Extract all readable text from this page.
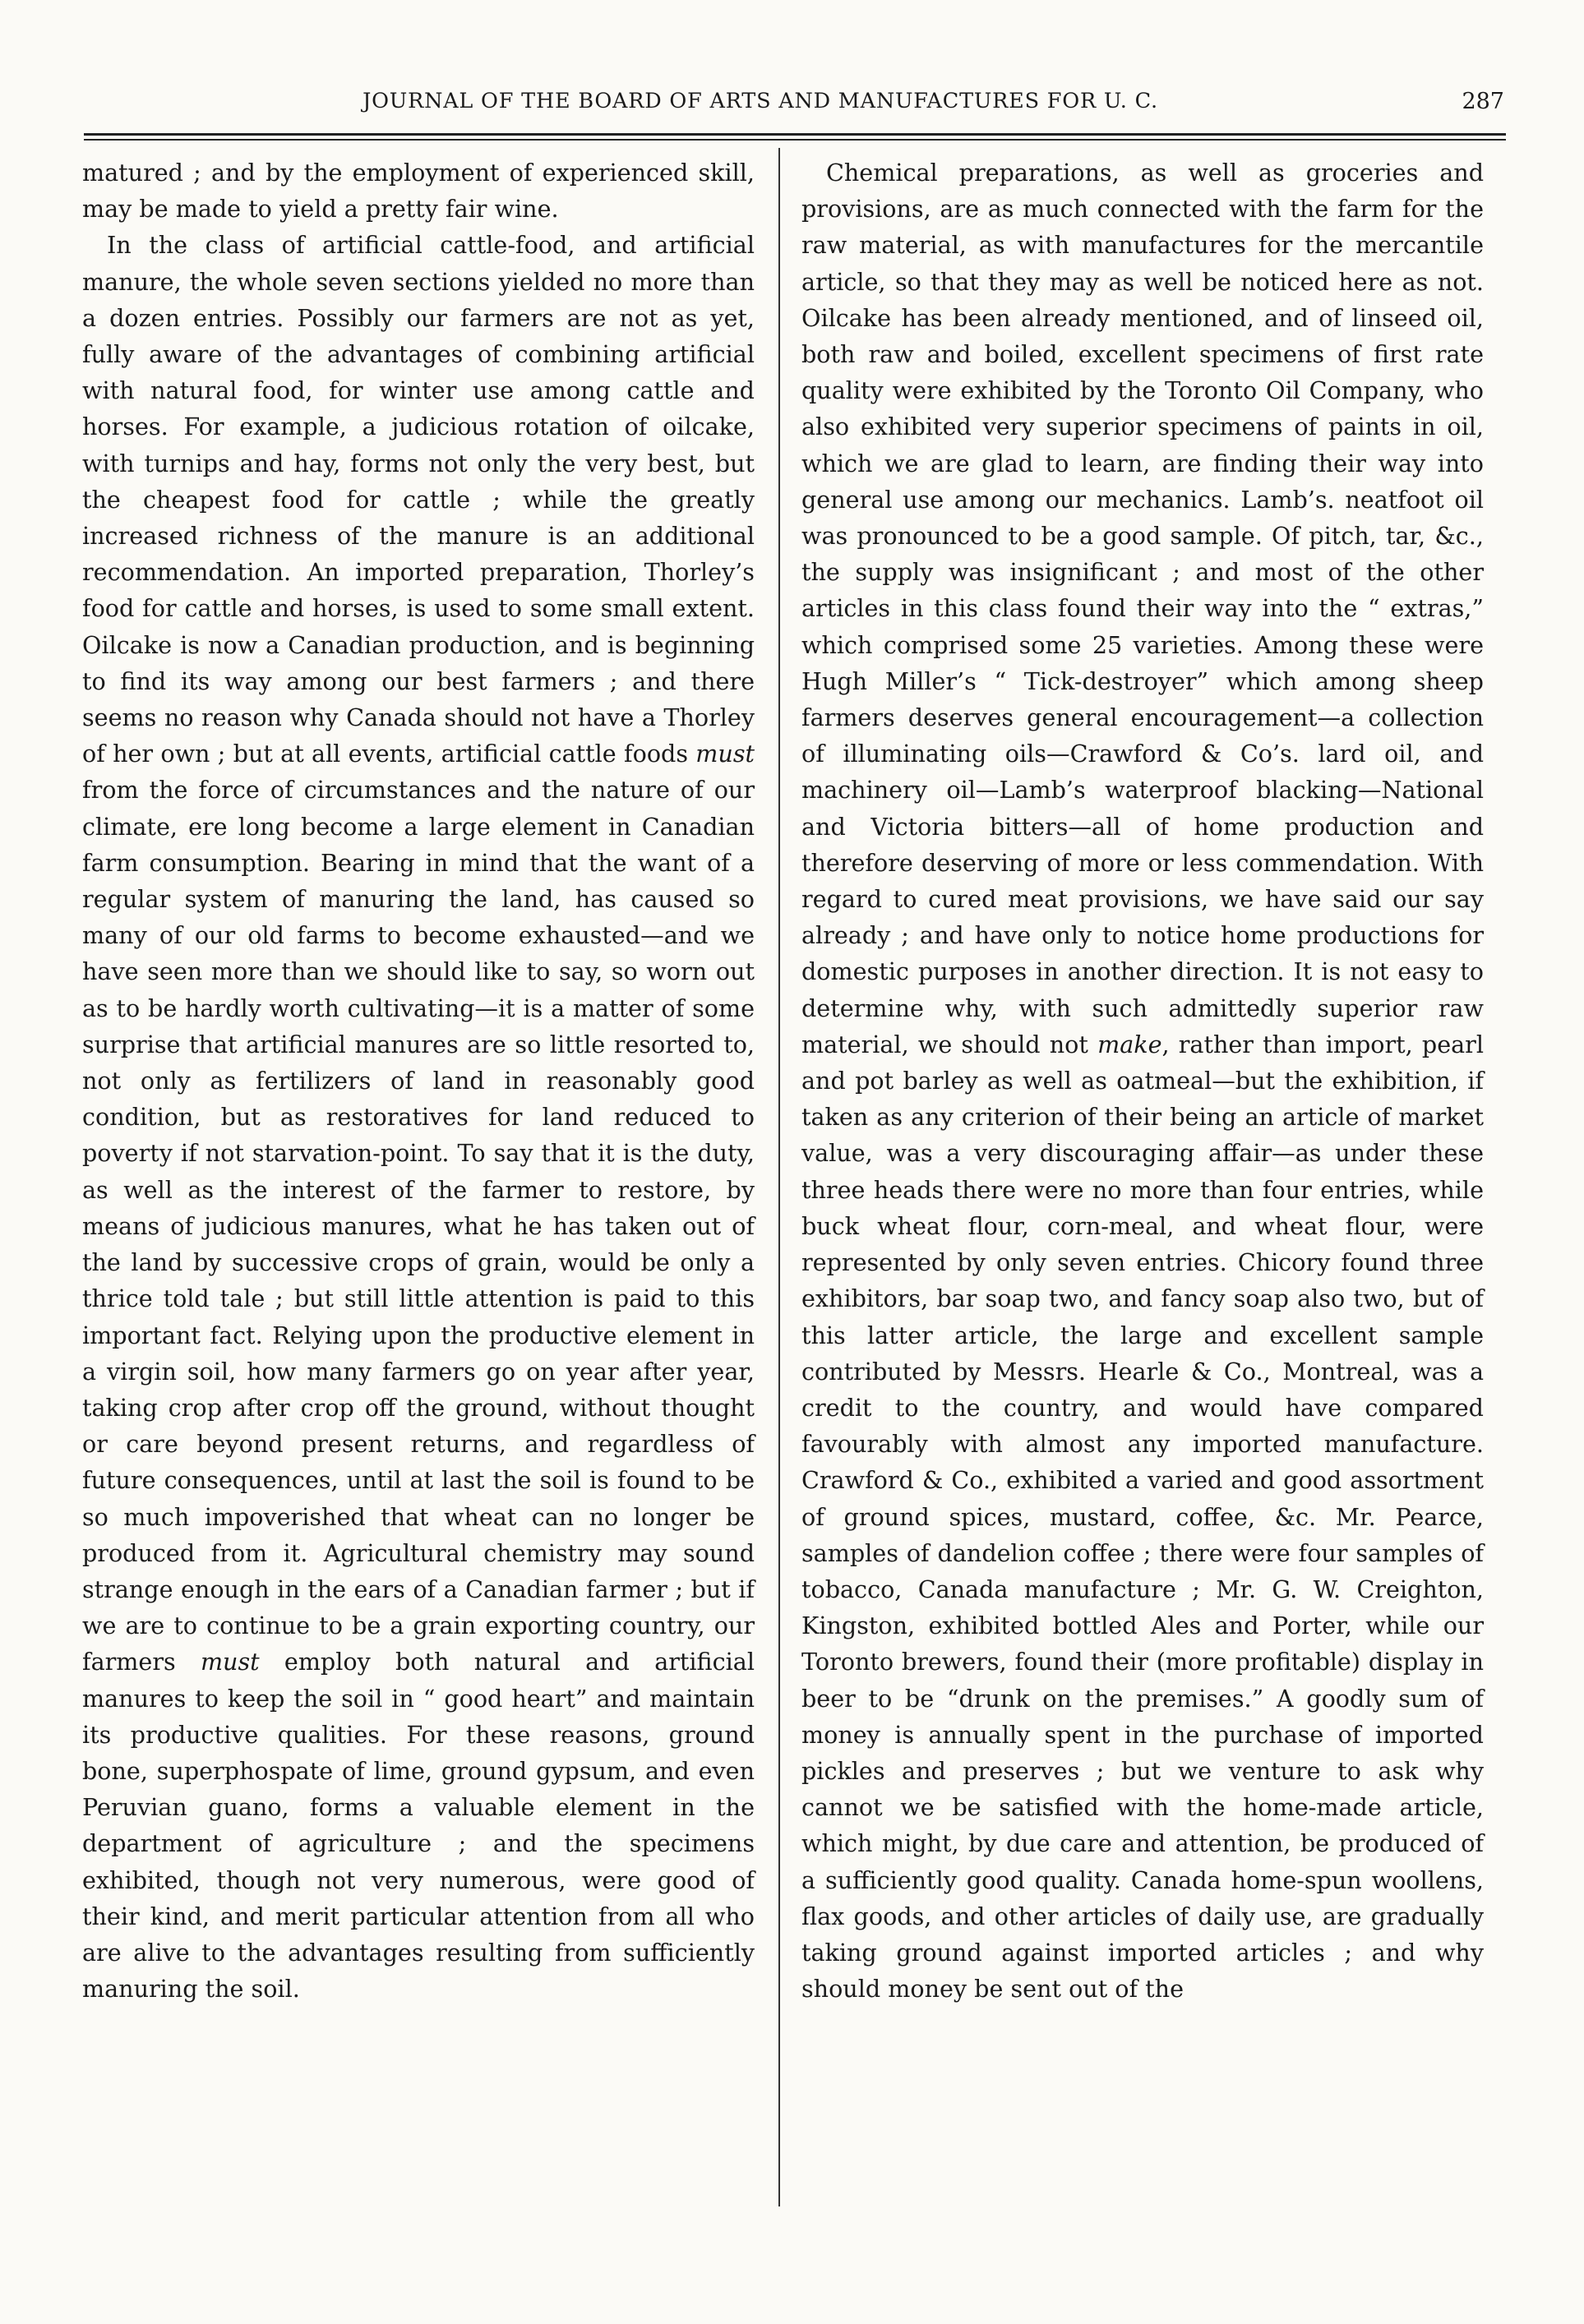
JOURNAL OF THE BOARD OF ARTS AND MANUFACTURES FOR U. C.	287

matured ; and by the employment of experienced skill, may be made to yield a pretty fair wine.

In the class of artificial cattle-food, and artificial manure, the whole seven sections yielded no more than a dozen entries. Possibly our farmers are not as yet, fully aware of the advantages of combining artificial with natural food, for winter use among cattle and horses. For example, a judicious rotation of oilcake, with turnips and hay, forms not only the very best, but the cheapest food for cattle ; while the greatly increased richness of the manure is an additional recommendation. An imported preparation, Thorley’s food for cattle and horses, is used to some small extent. Oilcake is now a Canadian production, and is beginning to find its way among our best farmers ; and there seems no reason why Canada should not have a Thorley of her own ; but at all events, artificial cattle foods must from the force of circumstances and the nature of our climate, ere long become a large element in Canadian farm consumption. Bearing in mind that the want of a regular system of manuring the land, has caused so many of our old farms to become exhausted—and we have seen more than we should like to say, so worn out as to be hardly worth cultivating—it is a matter of some surprise that artificial manures are so little resorted to, not only as fertilizers of land in reasonably good condition, but as restoratives for land reduced to poverty if not starvation-point. To say that it is the duty, as well as the interest of the farmer to restore, by means of judicious manures, what he has taken out of the land by successive crops of grain, would be only a thrice told tale ; but still little attention is paid to this important fact. Relying upon the productive element in a virgin soil, how many farmers go on year after year, taking crop after crop off the ground, without thought or care beyond present returns, and regardless of future consequences, until at last the soil is found to be so much impoverished that wheat can no longer be produced from it. Agricultural chemistry may sound strange enough in the ears of a Canadian farmer ; but if we are to continue to be a grain exporting country, our farmers must employ both natural and artificial manures to keep the soil in “ good heart” and maintain its productive qualities. For these reasons, ground bone, superphospate of lime, ground gypsum, and even Peruvian guano, forms a valuable element in the department of agriculture ; and the specimens exhibited, though not very numerous, were good of their kind, and merit particular attention from all who are alive to the advantages resulting from sufficiently manuring the soil.

Chemical preparations, as well as groceries and provisions, are as much connected with the farm for the raw material, as with manufactures for the mercantile article, so that they may as well be noticed here as not. Oilcake has been already mentioned, and of linseed oil, both raw and boiled, excellent specimens of first rate quality were exhibited by the Toronto Oil Company, who also exhibited very superior specimens of paints in oil, which we are glad to learn, are finding their way into general use among our mechanics. Lamb’s. neatfoot oil was pronounced to be a good sample. Of pitch, tar, &c., the supply was insignificant ; and most of the other articles in this class found their way into the “ extras,” which comprised some 25 varieties. Among these were Hugh Miller’s “ Tick-destroyer” which among sheep farmers deserves general encouragement—a collection of illuminating oils—Crawford & Co’s. lard oil, and machinery oil—Lamb’s waterproof blacking—National and Victoria bitters—all of home production and therefore deserving of more or less commendation. With regard to cured meat provisions, we have said our say already ; and have only to notice home productions for domestic purposes in another direction. It is not easy to determine why, with such admittedly superior raw material, we should not make, rather than import, pearl and pot barley as well as oatmeal—but the exhibition, if taken as any criterion of their being an article of market value, was a very discouraging affair—as under these three heads there were no more than four entries, while buck wheat flour, corn-meal, and wheat flour, were represented by only seven entries. Chicory found three exhibitors, bar soap two, and fancy soap also two, but of this latter article, the large and excellent sample contributed by Messrs. Hearle & Co., Montreal, was a credit to the country, and would have compared favourably with almost any imported manufacture. Crawford & Co., exhibited a varied and good assortment of ground spices, mustard, coffee, &c. Mr. Pearce, samples of dandelion coffee ; there were four samples of tobacco, Canada manufacture ; Mr. G. W. Creighton, Kingston, exhibited bottled Ales and Porter, while our Toronto brewers, found their (more profitable) display in beer to be “drunk on the premises.” A goodly sum of money is annually spent in the purchase of imported pickles and preserves ; but we venture to ask why cannot we be satisfied with the home-made article, which might, by due care and attention, be produced of a sufficiently good quality. Canada home-spun woollens, flax goods, and other articles of daily use, are gradually taking ground against imported articles ; and why should money be sent out of the
